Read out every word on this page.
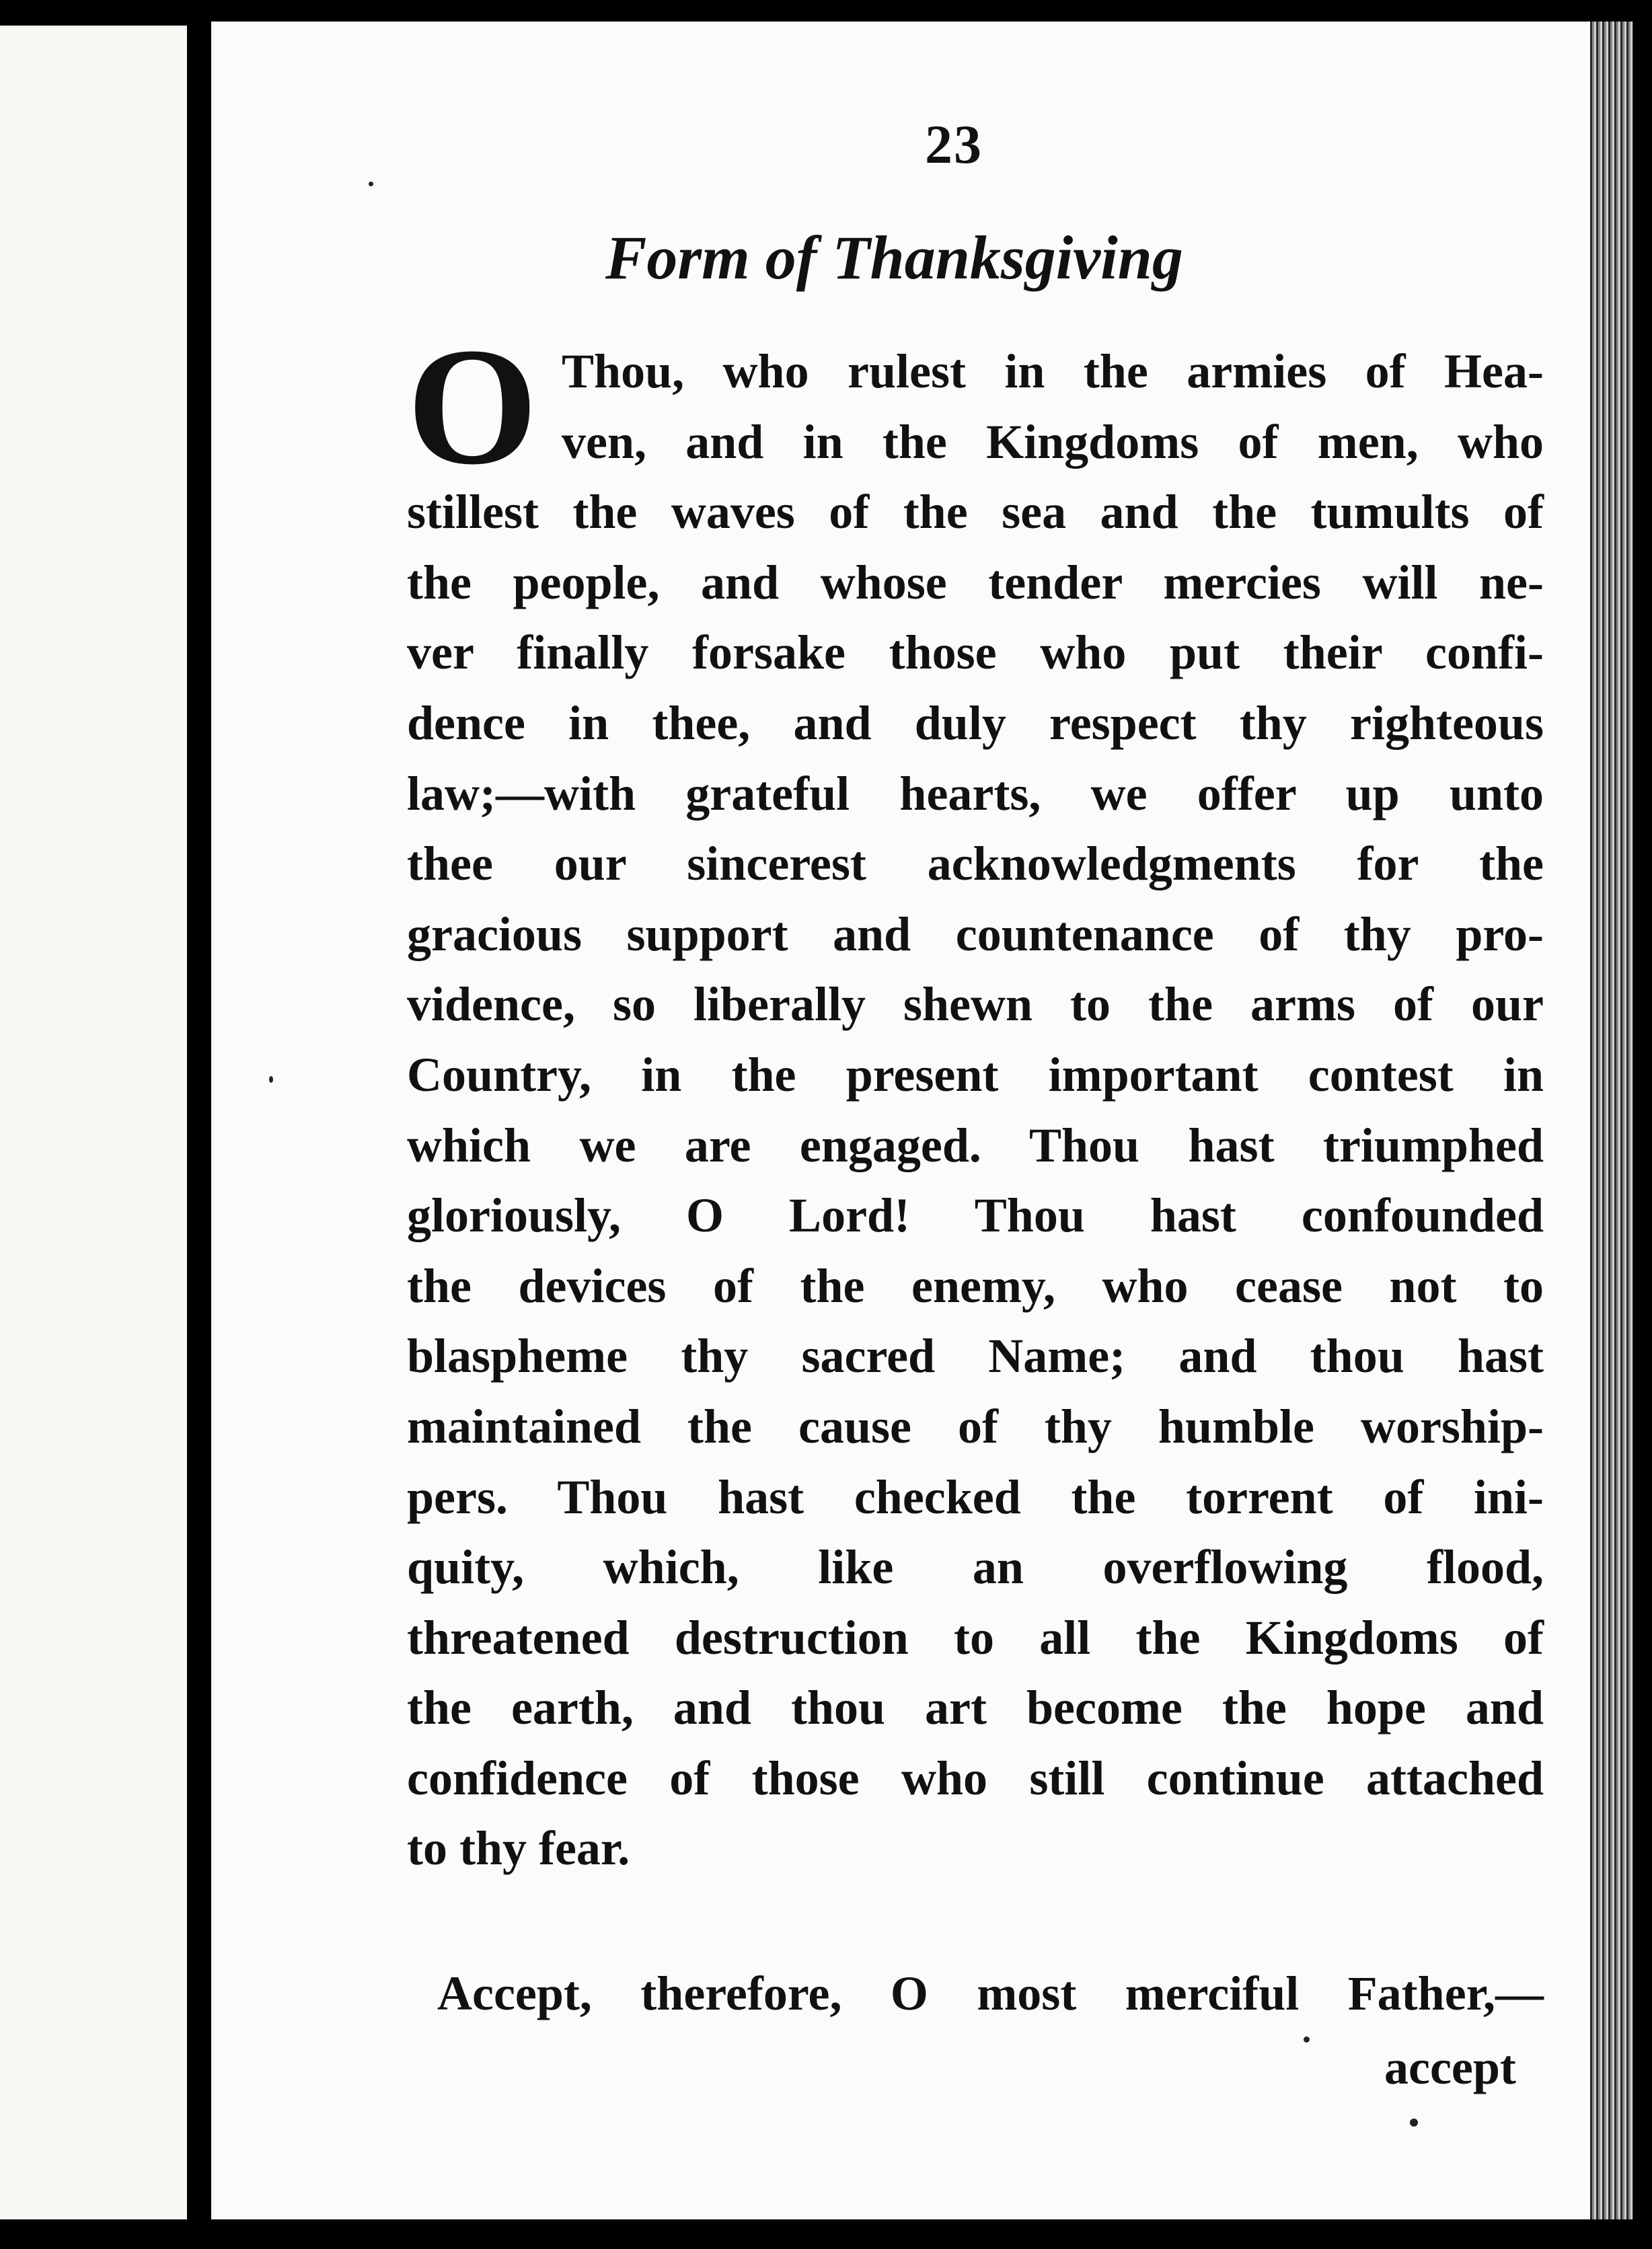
23
Form of Thanksgiving
O Thou, who rulest in the armies of Hea-
ven, and in the Kingdoms of men, who
stillest the waves of the sea and the tumults of
the people, and whose tender mercies will ne-
ver finally forsake those who put their confi-
dence in thee, and duly respect thy righteous
law;—with grateful hearts, we offer up unto
thee our sincerest acknowledgments for the
gracious support and countenance of thy pro-
vidence, so liberally shewn to the arms of our
Country, in the present important contest in
which we are engaged. Thou hast triumphed
gloriously, O Lord! Thou hast confounded
the devices of the enemy, who cease not to
blaspheme thy sacred Name; and thou hast
maintained the cause of thy humble worship-
pers. Thou hast checked the torrent of ini-
quity, which, like an overflowing flood,
threatened destruction to all the Kingdoms of
the earth, and thou art become the hope and
confidence of those who still continue attached
to thy fear.
Accept, therefore, O most merciful Father,—
accept
